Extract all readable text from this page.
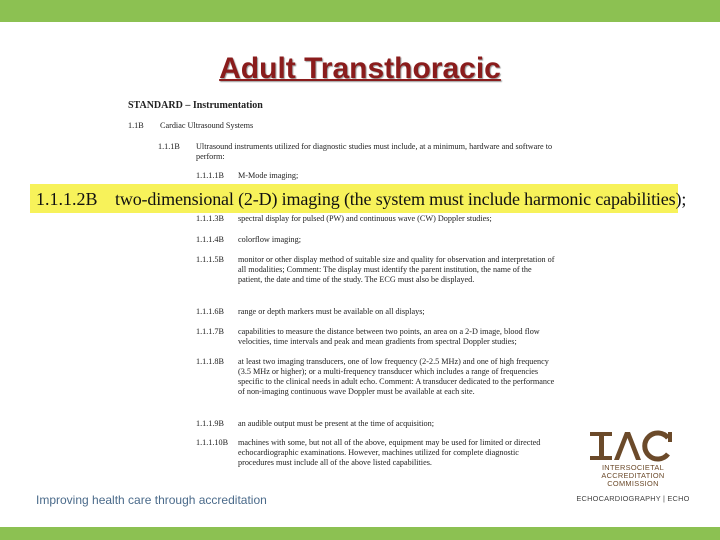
Adult Transthoracic
STANDARD – Instrumentation
1.1B Cardiac Ultrasound Systems
1.1.1B Ultrasound instruments utilized for diagnostic studies must include, at a minimum, hardware and software to perform:
1.1.1.1B M-Mode imaging;
1.1.1.3B spectral display for pulsed (PW) and continuous wave (CW) Doppler studies;
1.1.1.4B colorflow imaging;
1.1.1.5B monitor or other display method of suitable size and quality for observation and interpretation of all modalities; Comment: The display must identify the parent institution, the name of the patient, the date and time of the study. The ECG must also be displayed.
1.1.1.6B range or depth markers must be available on all displays;
1.1.1.7B capabilities to measure the distance between two points, an area on a 2-D image, blood flow velocities, time intervals and peak and mean gradients from spectral Doppler studies;
1.1.1.8B at least two imaging transducers, one of low frequency (2-2.5 MHz) and one of high frequency (3.5 MHz or higher); or a multi-frequency transducer which includes a range of frequencies specific to the clinical needs in adult echo. Comment: A transducer dedicated to the performance of non-imaging continuous wave Doppler must be available at each site.
1.1.1.9B an audible output must be present at the time of acquisition;
1.1.1.10B machines with some, but not all of the above, equipment may be used for limited or directed echocardiographic examinations. However, machines utilized for complete diagnostic procedures must include all of the above listed capabilities.
1.1.1.2B two-dimensional (2-D) imaging (the system must include harmonic capabilities);
INTERSOCIETAL
ACCREDITATION
COMMISSION
ECHOCARDIOGRAPHY | ECHO
Improving health care through accreditation
